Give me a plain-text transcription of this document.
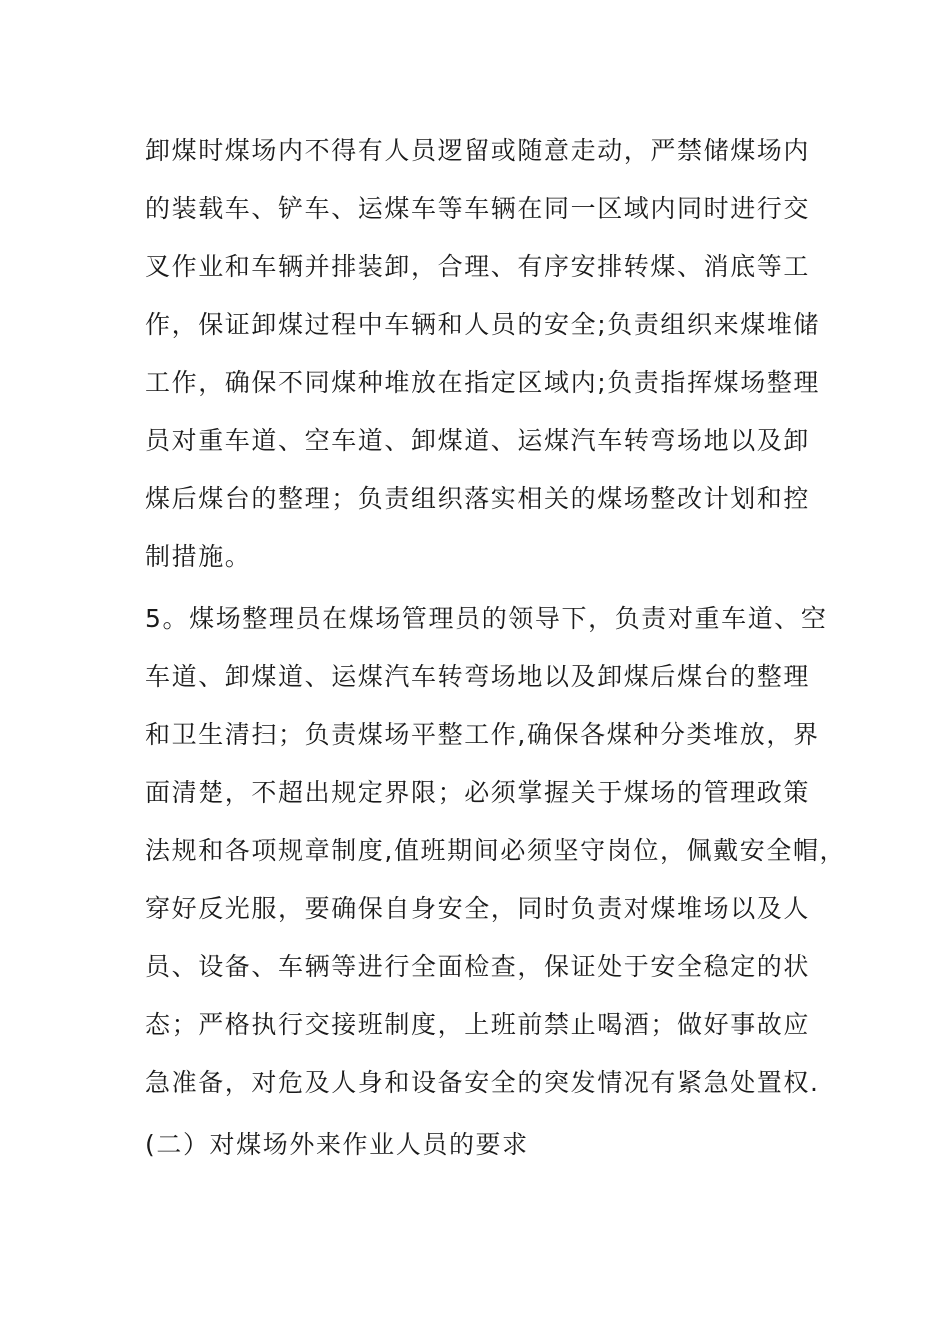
卸煤时煤场内不得有人员逻留或随意走动，严禁储煤场内
的装载车、铲车、运煤车等车辆在同一区域内同时进行交
叉作业和车辆并排装卸，合理、有序安排转煤、消底等工
作，保证卸煤过程中车辆和人员的安全;负责组织来煤堆储
工作，确保不同煤种堆放在指定区域内;负责指挥煤场整理
员对重车道、空车道、卸煤道、运煤汽车转弯场地以及卸
煤后煤台的整理；负责组织落实相关的煤场整改计划和控
制措施。
5。煤场整理员在煤场管理员的领导下，负责对重车道、空
车道、卸煤道、运煤汽车转弯场地以及卸煤后煤台的整理
和卫生清扫；负责煤场平整工作,确保各煤种分类堆放，界
面清楚，不超出规定界限；必须掌握关于煤场的管理政策
法规和各项规章制度,值班期间必须坚守岗位，佩戴安全帽，
穿好反光服，要确保自身安全，同时负责对煤堆场以及人
员、设备、车辆等进行全面检查，保证处于安全稳定的状
态；严格执行交接班制度，上班前禁止喝酒；做好事故应
急准备，对危及人身和设备安全的突发情况有紧急处置权.
(二）对煤场外来作业人员的要求
